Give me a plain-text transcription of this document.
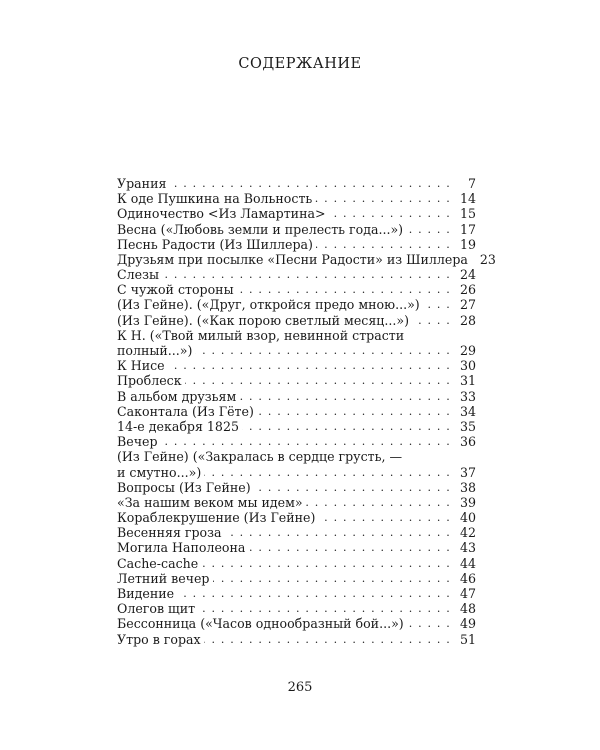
СОДЕРЖАНИЕ
Урания . . .	7
К оде Пушкина на Вольность . . .	14
Одиночество <Из Ламартина> . . .	15
Весна («Любовь земли и прелесть года...») . . .	17
Песнь Радости (Из Шиллера) . . .	19
Друзьям при посылке «Песни Радости» из Шиллера 23
Слезы . . .	24
С чужой стороны . . .	26
(Из Гейне). («Друг, откройся предо мною...») . . .	27
(Из Гейне). («Как порою светлый месяц...») . . .	28
К Н. («Твой милый взор, невинной страсти
полный...») . . .	29
К Нисе . . .	30
Проблеск . . .	31
В альбом друзьям . . .	33
Саконтала (Из Гёте) . . .	34
14-е декабря 1825 . . .	35
Вечер . . .	36
(Из Гейне) («Закралась в сердце грусть, —
и смутно...») . . .	37
Вопросы (Из Гейне) . . .	38
«За нашим веком мы идем» . . .	39
Кораблекрушение (Из Гейне) . . .	40
Весенняя гроза . . .	42
Могила Наполеона . . .	43
Cache-cache . . .	44
Летний вечер . . .	46
Видение . . .	47
Олегов щит . . .	48
Бессонница («Часов однообразный бой...») . . .	49
Утро в горах . . .	51
265
